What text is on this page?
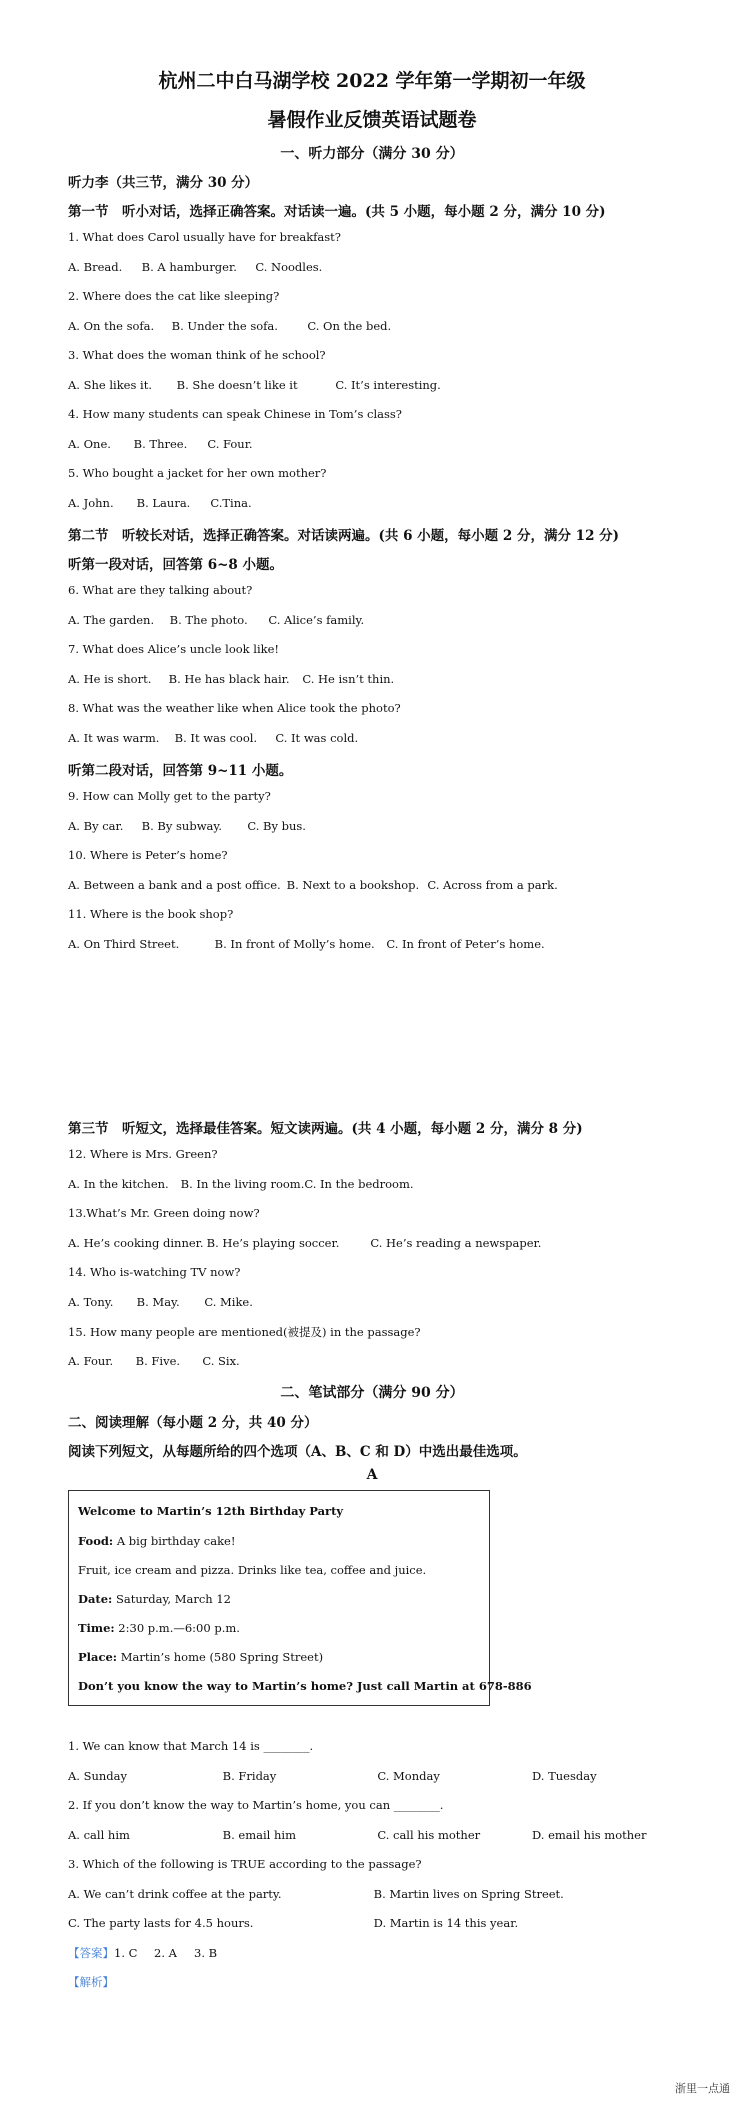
杭州二中白马湖学校 2022 学年第一学期初一年级
暑假作业反馈英语试题卷
一、听力部分（满分 30 分）
听力李（共三节，满分 30 分）
第一节　听小对话，选择正确答案。对话读一遍。(共 5 小题，每小题 2 分，满分 10 分)
1. What does Carol usually have for breakfast?
A. Bread. B. A hamburger. C. Noodles.
2. Where does the cat like sleeping?
A. On the sofa. B. Under the sofa.	C. On the bed.
3. What does the woman think of he school?
A. She likes it. B. She doesn’t like it	C. It’s interesting.
4. How many students can speak Chinese in Tom’s class?
A. One. B. Three. C. Four.
5. Who bought a jacket for her own mother?
A. John. B. Laura. C.Tina.
第二节　听较长对话，选择正确答案。对话读两遍。(共 6 小题，每小题 2 分，满分 12 分)
听第一段对话，回答第 6~8 小题。
6. What are they talking about?
A. The garden. B. The photo. C. Alice’s family.
7. What does Alice’s uncle look like!
A. He is short. B. He has black hair. C. He isn’t thin.
8. What was the weather like when Alice took the photo?
A. It was warm. B. It was cool. C. It was cold.
听第二段对话，回答第 9~11 小题。
9. How can Molly get to the party?
A. By car. B. By subway. C. By bus.
10. Where is Peter’s home?
A. Between a bank and a post office. B. Next to a bookshop. C. Across from a park.
11. Where is the book shop?
A. On Third Street.	B. In front of Molly’s home. C. In front of Peter’s home.
第三节　听短文，选择最佳答案。短文读两遍。(共 4 小题，每小题 2 分，满分 8 分)
12. Where is Mrs. Green?
A. In the kitchen. B. In the living room. C. In the bedroom.
13.What’s Mr. Green doing now?
A. He’s cooking dinner. B. He’s playing soccer.	C. He’s reading a newspaper.
14. Who is-watching TV now?
A. Tony. B. May. C. Mike.
15. How many people are mentioned(被提及) in the passage?
A. Four. B. Five. C. Six.
二、笔试部分（满分 90 分）
二、阅读理解（每小题 2 分，共 40 分）
阅读下列短文，从每题所给的四个选项（A、B、C 和 D）中选出最佳选项。
A
Welcome to Martin’s 12th Birthday Party
Food: A big birthday cake!
Fruit, ice cream and pizza. Drinks like tea, coffee and juice.
Date: Saturday, March 12
Time: 2:30 p.m.—6:00 p.m.
Place: Martin’s home (580 Spring Street)
Don’t you know the way to Martin’s home? Just call Martin at 678-886
1. We can know that March 14 is ________.
A. Sunday	B. Friday	C. Monday	D. Tuesday
2. If you don’t know the way to Martin’s home, you can ________.
A. call him	B. email him	C. call his mother	D. email his mother
3. Which of the following is TRUE according to the passage?
A. We can’t drink coffee at the party.	B. Martin lives on Spring Street.
C. The party lasts for 4.5 hours.	D. Martin is 14 this year.
【答案】1. C 2. A 3. B
【解析】
浙里一点通
